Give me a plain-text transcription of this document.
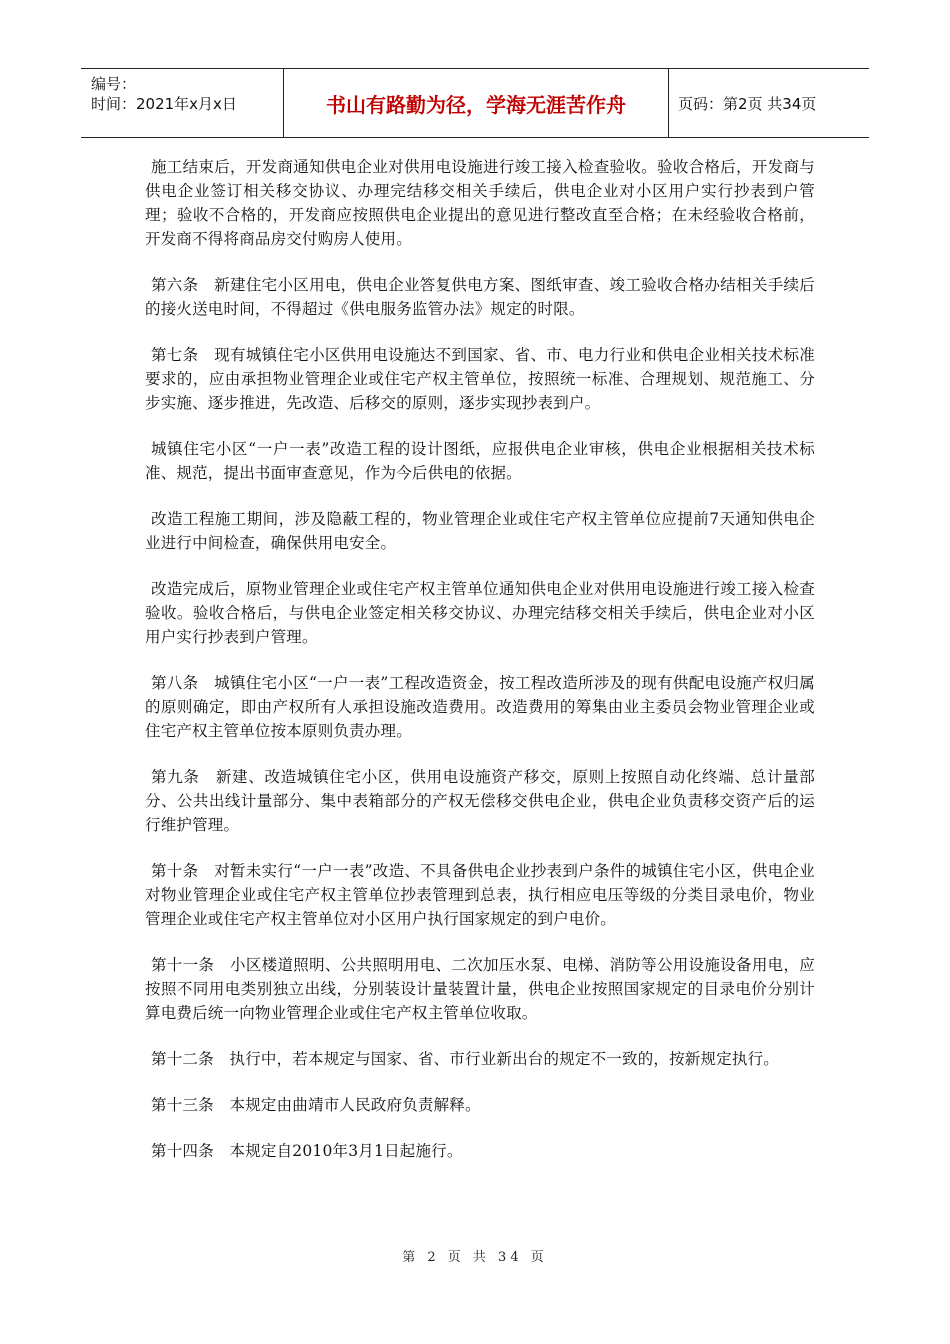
编号：
时间：2021年x月x日	书山有路勤为径，学海无涯苦作舟	页码：第2页 共34页

施工结束后，开发商通知供电企业对供用电设施进行竣工接入检查验收。验收合格后，开发商与供电企业签订相关移交协议、办理完结移交相关手续后，供电企业对小区用户实行抄表到户管理；验收不合格的，开发商应按照供电企业提出的意见进行整改直至合格；在未经验收合格前，开发商不得将商品房交付购房人使用。

第六条　新建住宅小区用电，供电企业答复供电方案、图纸审查、竣工验收合格办结相关手续后的接火送电时间，不得超过《供电服务监管办法》规定的时限。

第七条　现有城镇住宅小区供用电设施达不到国家、省、市、电力行业和供电企业相关技术标准要求的，应由承担物业管理企业或住宅产权主管单位，按照统一标准、合理规划、规范施工、分步实施、逐步推进，先改造、后移交的原则，逐步实现抄表到户。

城镇住宅小区“一户一表”改造工程的设计图纸，应报供电企业审核，供电企业根据相关技术标准、规范，提出书面审查意见，作为今后供电的依据。

改造工程施工期间，涉及隐蔽工程的，物业管理企业或住宅产权主管单位应提前7天通知供电企业进行中间检查，确保供用电安全。

改造完成后，原物业管理企业或住宅产权主管单位通知供电企业对供用电设施进行竣工接入检查验收。验收合格后，与供电企业签定相关移交协议、办理完结移交相关手续后，供电企业对小区用户实行抄表到户管理。

第八条　城镇住宅小区“一户一表”工程改造资金，按工程改造所涉及的现有供配电设施产权归属的原则确定，即由产权所有人承担设施改造费用。改造费用的筹集由业主委员会物业管理企业或住宅产权主管单位按本原则负责办理。

第九条　新建、改造城镇住宅小区，供用电设施资产移交，原则上按照自动化终端、总计量部分、公共出线计量部分、集中表箱部分的产权无偿移交供电企业，供电企业负责移交资产后的运行维护管理。

第十条　对暂未实行“一户一表”改造、不具备供电企业抄表到户条件的城镇住宅小区，供电企业对物业管理企业或住宅产权主管单位抄表管理到总表，执行相应电压等级的分类目录电价，物业管理企业或住宅产权主管单位对小区用户执行国家规定的到户电价。

第十一条　小区楼道照明、公共照明用电、二次加压水泵、电梯、消防等公用设施设备用电，应按照不同用电类别独立出线，分别装设计量装置计量，供电企业按照国家规定的目录电价分别计算电费后统一向物业管理企业或住宅产权主管单位收取。

第十二条　执行中，若本规定与国家、省、市行业新出台的规定不一致的，按新规定执行。

第十三条　本规定由曲靖市人民政府负责解释。

第十四条　本规定自2010年3月1日起施行。

第 2 页 共 34 页
